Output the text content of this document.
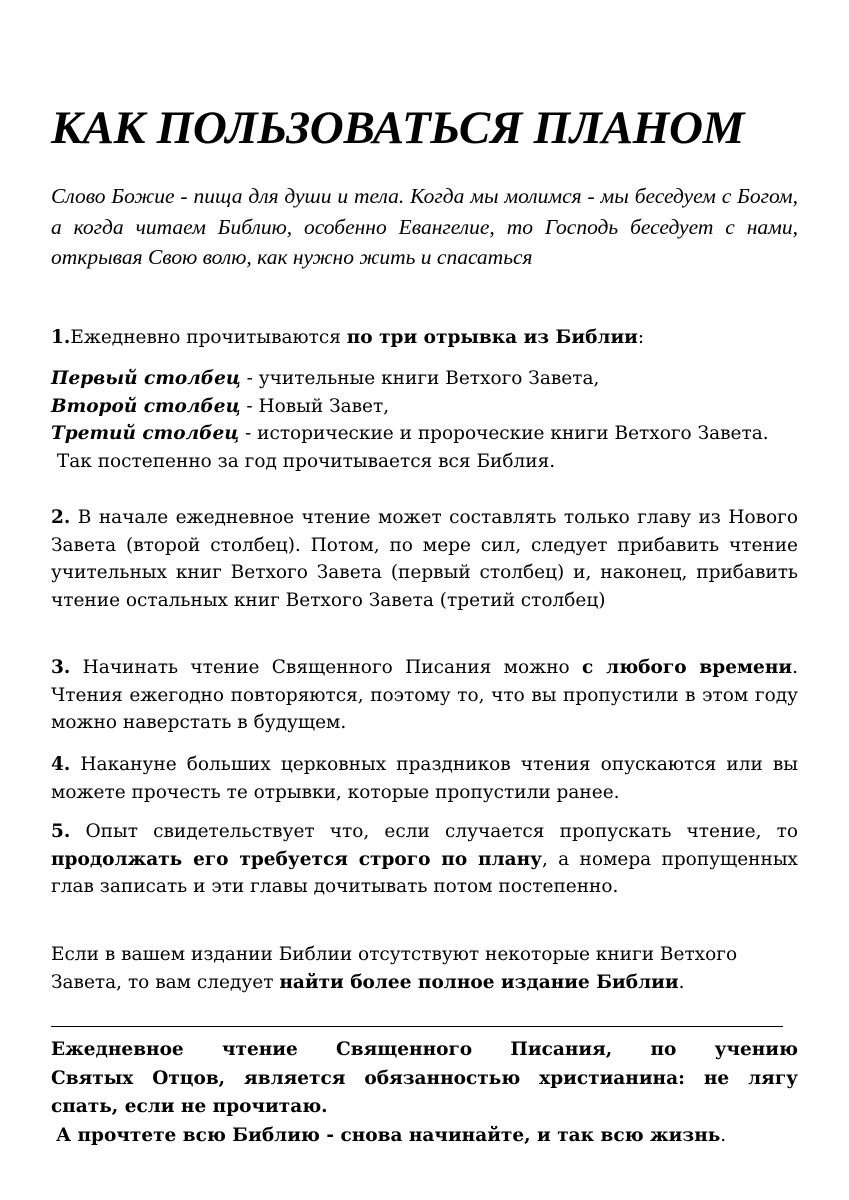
КАК ПОЛЬЗОВАТЬСЯ ПЛАНОМ

Слово Божие - пища для души и тела. Когда мы молимся - мы беседуем с Богом, а когда читаем Библию, особенно Евангелие, то Господь беседует с нами, открывая Свою волю, как нужно жить и спасаться

1.Ежедневно прочитываются по три отрывка из Библии:

Первый столбец - учительные книги Ветхого Завета,
Второй столбец - Новый Завет,
Третий столбец - исторические и пророческие книги Ветхого Завета.
Так постепенно за год прочитывается вся Библия.

2. В начале ежедневное чтение может составлять только главу из Нового Завета (второй столбец). Потом, по мере сил, следует прибавить чтение учительных книг Ветхого Завета (первый столбец) и, наконец, прибавить чтение остальных книг Ветхого Завета (третий столбец)

3. Начинать чтение Священного Писания можно с любого времени. Чтения ежегодно повторяются, поэтому то, что вы пропустили в этом году можно наверстать в будущем.

4. Накануне больших церковных праздников чтения опускаются или вы можете прочесть те отрывки, которые пропустили ранее.

5. Опыт свидетельствует что, если случается пропускать чтение, то продолжать его требуется строго по плану, а номера пропущенных глав записать и эти главы дочитывать потом постепенно.

Если в вашем издании Библии отсутствуют некоторые книги Ветхого Завета, то вам следует найти более полное издание Библии.

Ежедневное чтение Священного Писания, по учению
Святых Отцов, является обязанностью христианина: не лягу
спать, если не прочитаю.
А прочтете всю Библию - снова начинайте, и так всю жизнь.
